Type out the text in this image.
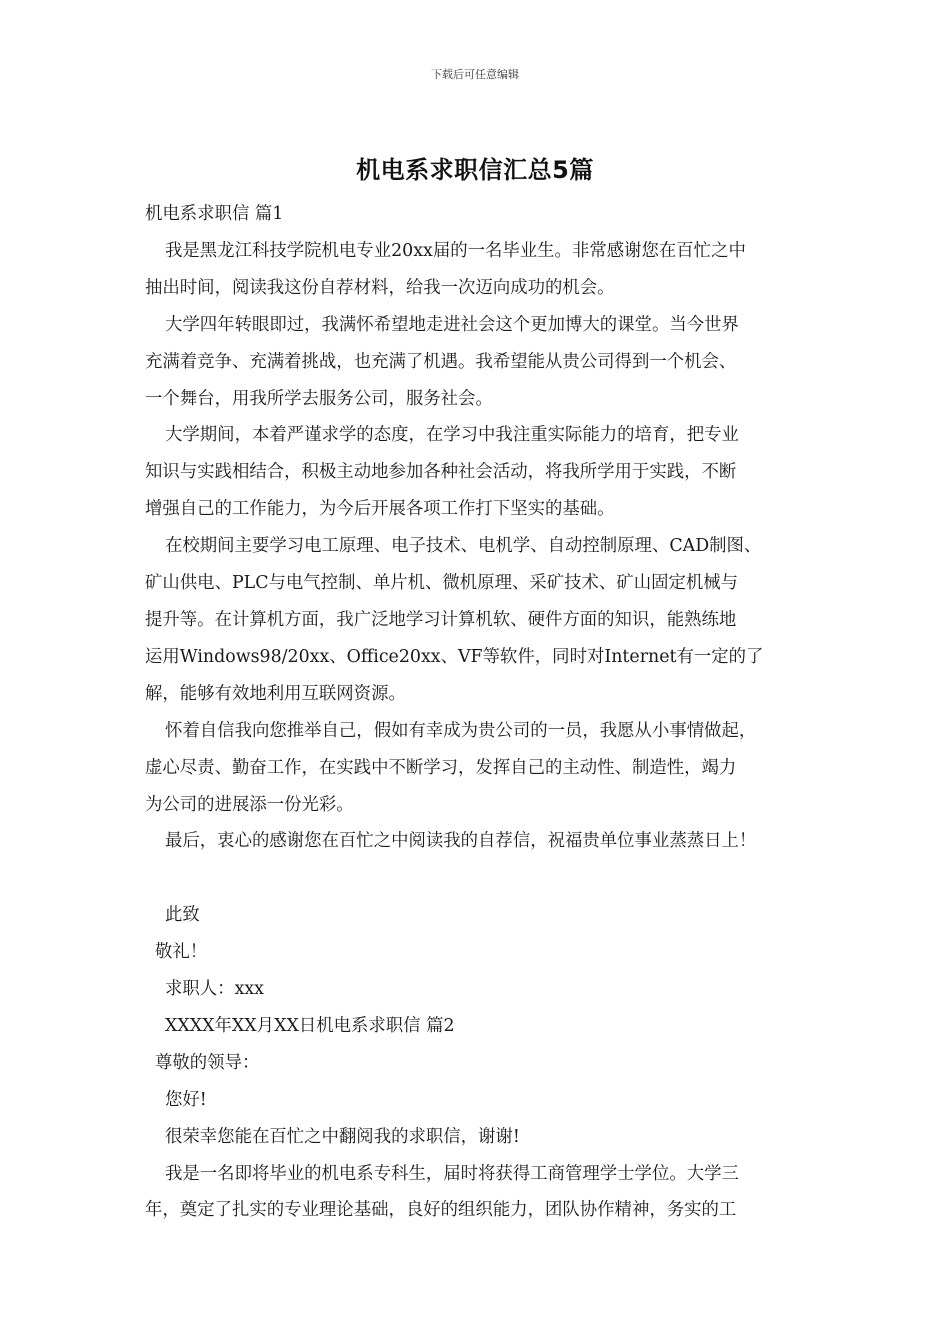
下载后可任意编辑
机电系求职信汇总5篇

机电系求职信 篇1

我是黑龙江科技学院机电专业20xx届的一名毕业生。非常感谢您在百忙之中

抽出时间，阅读我这份自荐材料，给我一次迈向成功的机会。

大学四年转眼即过，我满怀希望地走进社会这个更加博大的课堂。当今世界

充满着竞争、充满着挑战，也充满了机遇。我希望能从贵公司得到一个机会、

一个舞台，用我所学去服务公司，服务社会。

大学期间，本着严谨求学的态度，在学习中我注重实际能力的培育，把专业

知识与实践相结合，积极主动地参加各种社会活动，将我所学用于实践，不断

增强自己的工作能力，为今后开展各项工作打下坚实的基础。

在校期间主要学习电工原理、电子技术、电机学、自动控制原理、CAD制图、

矿山供电、PLC与电气控制、单片机、微机原理、采矿技术、矿山固定机械与

提升等。在计算机方面，我广泛地学习计算机软、硬件方面的知识，能熟练地

运用Windows98/20xx、Office20xx、VF等软件，同时对Internet有一定的了

解，能够有效地利用互联网资源。

怀着自信我向您推举自己，假如有幸成为贵公司的一员，我愿从小事情做起，

虚心尽责、勤奋工作，在实践中不断学习，发挥自己的主动性、制造性，竭力

为公司的进展添一份光彩。

最后，衷心的感谢您在百忙之中阅读我的自荐信，祝福贵单位事业蒸蒸日上！

此致

敬礼！

求职人：xxx

XXXX年XX月XX日机电系求职信 篇2

尊敬的领导：

您好!

很荣幸您能在百忙之中翻阅我的求职信，谢谢!

我是一名即将毕业的机电系专科生，届时将获得工商管理学士学位。大学三

年，奠定了扎实的专业理论基础，良好的组织能力，团队协作精神，务实的工
